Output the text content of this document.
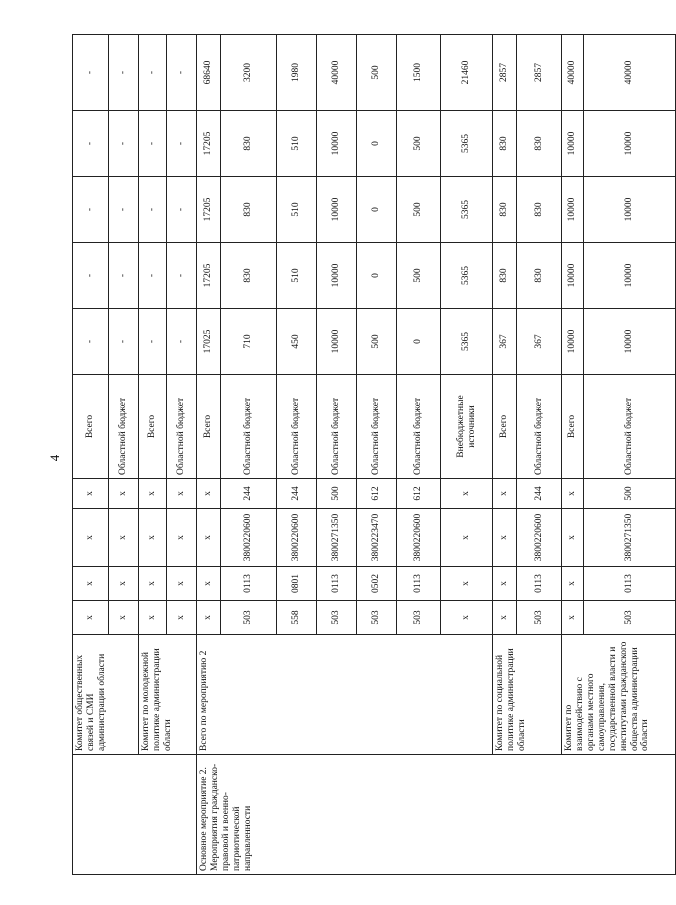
4
	Комитет общественных связей и СМИ администрации области	х	х	х	х	Всего	-	-	-	-	-
		х	х	х	х	Областной бюджет	-	-	-	-	-
	Комитет по молодежной политике администрации области	х	х	х	х	Всего	-	-	-	-	-
		х	х	х	х	Областной бюджет	-	-	-	-	-
Основное мероприятие 2. Мероприятия гражданско-правовой и военно-патриотической направленности	Всего по мероприятию 2	х	х	х	х	Всего	17025	17205	17205	17205	68640
		503	0113	3800220600	244	Областной бюджет	710	830	830	830	3200
		558	0801	3800220600	244	Областной бюджет	450	510	510	510	1980
		503	0113	3800271350	500	Областной бюджет	10000	10000	10000	10000	40000
		503	0502	3800223470	612	Областной бюджет	500	0	0	0	500
		503	0113	3800220600	612	Областной бюджет	0	500	500	500	1500
		х	х	х	х	Внебюджетные источники	5365	5365	5365	5365	21460
	Комитет по социальной политике администрации области	х	х	х	х	Всего	367	830	830	830	2857
		503	0113	3800220600	244	Областной бюджет	367	830	830	830	2857
	Комитет по взаимодействию с органами местного самоуправления, государственной власти и институтами гражданского общества администрации области	х	х	х	х	Всего	10000	10000	10000	10000	40000
		503	0113	3800271350	500	Областной бюджет	10000	10000	10000	10000	40000
